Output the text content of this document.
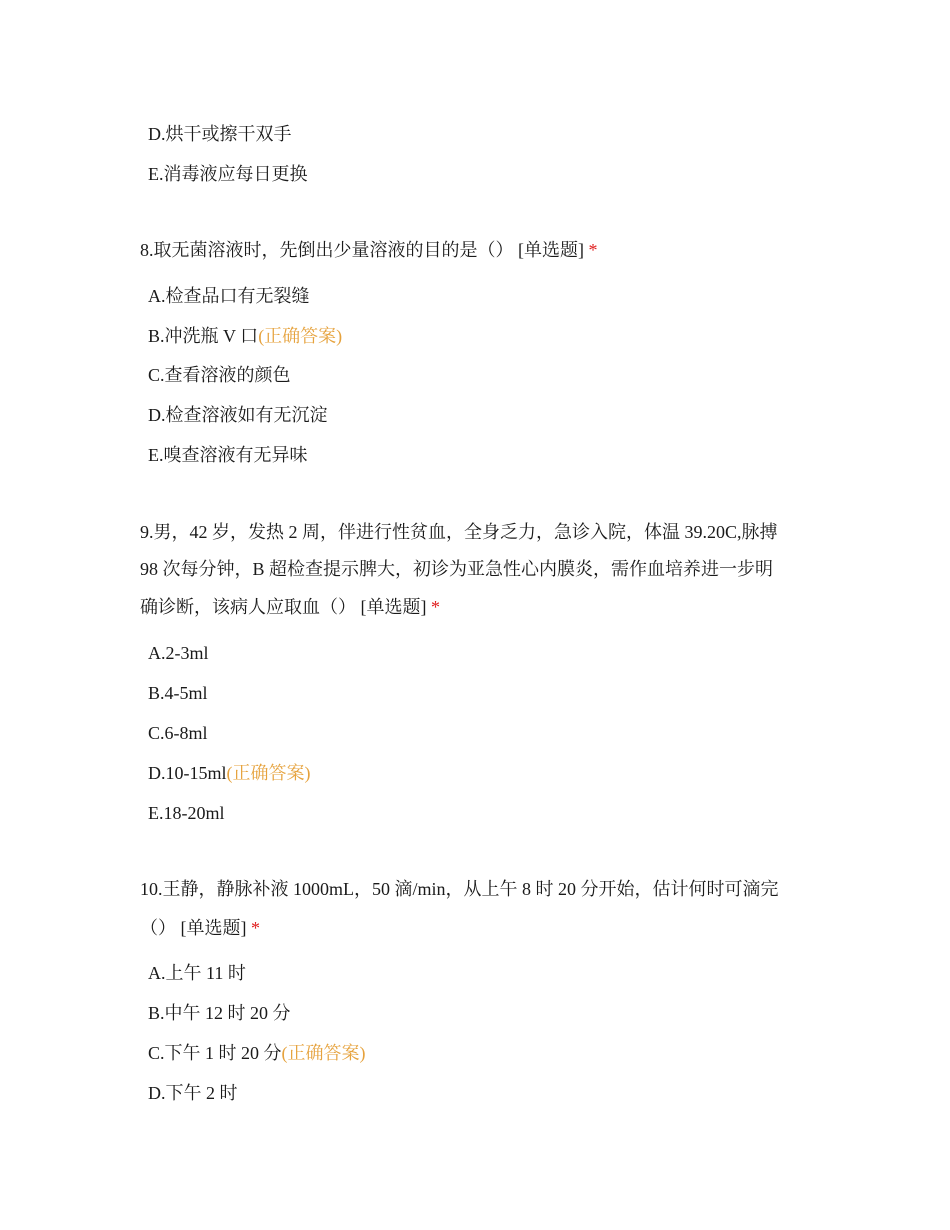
D.烘干或擦干双手
E.消毒液应每日更换
8.取无菌溶液时，先倒出少量溶液的目的是（） [单选题] *
A.检查品口有无裂缝
B.冲洗瓶 V 口(正确答案)
C.查看溶液的颜色
D.检查溶液如有无沉淀
E.嗅查溶液有无异味
9.男，42 岁，发热 2 周，伴进行性贫血，全身乏力，急诊入院，体温 39.20C,脉搏
98 次每分钟，B 超检查提示脾大，初诊为亚急性心内膜炎，需作血培养进一步明
确诊断，该病人应取血（） [单选题] *
A.2-3ml
B.4-5ml
C.6-8ml
D.10-15ml(正确答案)
E.18-20ml
10.王静，静脉补液 1000mL，50 滴/min，从上午 8 时 20 分开始，估计何时可滴完
（） [单选题] *
A.上午 11 时
B.中午 12 时 20 分
C.下午 1 时 20 分(正确答案)
D.下午 2 时
